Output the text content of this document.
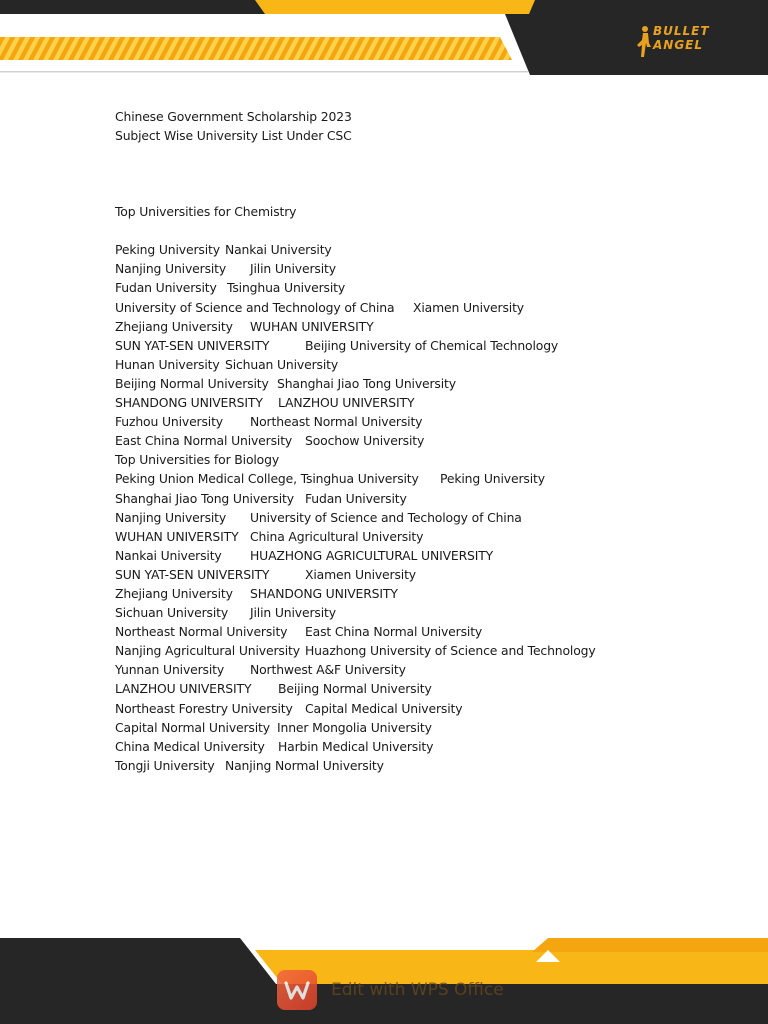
BULLET
ANGEL
Chinese Government Scholarship 2023
Subject Wise University List Under CSC
Top Universities for Chemistry
Peking University Nankai University
Nanjing University Jilin University
Fudan University Tsinghua University
University of Science and Technology of China Xiamen University
Zhejiang University WUHAN UNIVERSITY
SUN YAT-SEN UNIVERSITY	Beijing University of Chemical Technology
Hunan University Sichuan University
Beijing Normal University Shanghai Jiao Tong University
SHANDONG UNIVERSITY LANZHOU UNIVERSITY
Fuzhou University Northeast Normal University
East China Normal University Soochow University
Top Universities for Biology
Peking Union Medical College, Tsinghua University Peking University
Shanghai Jiao Tong University Fudan University
Nanjing University University of Science and Techology of China
WUHAN UNIVERSITY China Agricultural University
Nankai University HUAZHONG AGRICULTURAL UNIVERSITY
SUN YAT-SEN UNIVERSITY	Xiamen University
Zhejiang University SHANDONG UNIVERSITY
Sichuan University Jilin University
Northeast Normal University East China Normal University
Nanjing Agricultural University Huazhong University of Science and Technology
Yunnan University Northwest A&F University
LANZHOU UNIVERSITY Beijing Normal University
Northeast Forestry University Capital Medical University
Capital Normal University Inner Mongolia University
China Medical University Harbin Medical University
Tongji University Nanjing Normal University
Edit with WPS Office
